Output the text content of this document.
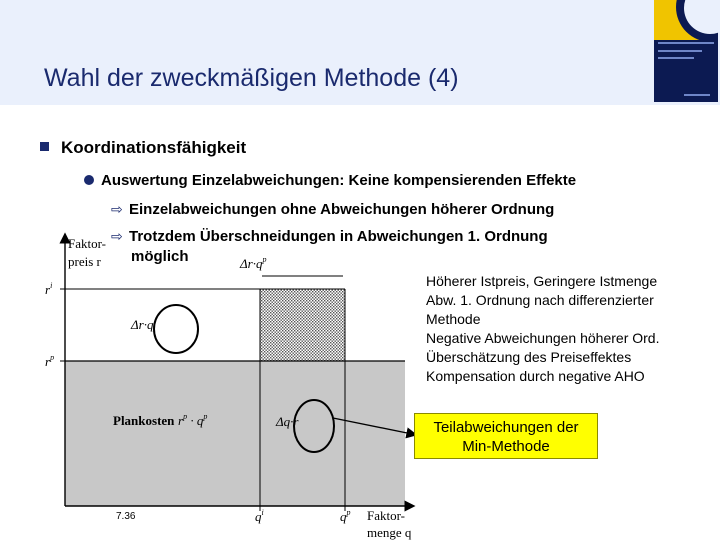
Wahl der zweckmäßigen Methode (4)
Koordinationsfähigkeit
Auswertung Einzelabweichungen: Keine kompensierenden Effekte
⇨ Einzelabweichungen ohne Abweichungen höherer Ordnung
⇨ Trotzdem Überschneidungen in Abweichungen 1. Ordnung
möglich
Faktor-
preis r
$r^i$
$r^p$
$q^i$	$q^p$ Faktor-
menge q
$\Delta r\cdot q^p$
Δr·q
Δq·r
Plankosten $r^p \cdot q^p$
Höherer Istpreis, Geringere Istmenge
Abw. 1. Ordnung nach differenzierter
Methode
Negative Abweichungen höherer Ord.
Überschätzung des Preiseffektes
Kompensation durch negative AHO
Teilabweichungen der
Min-Methode
7.36
